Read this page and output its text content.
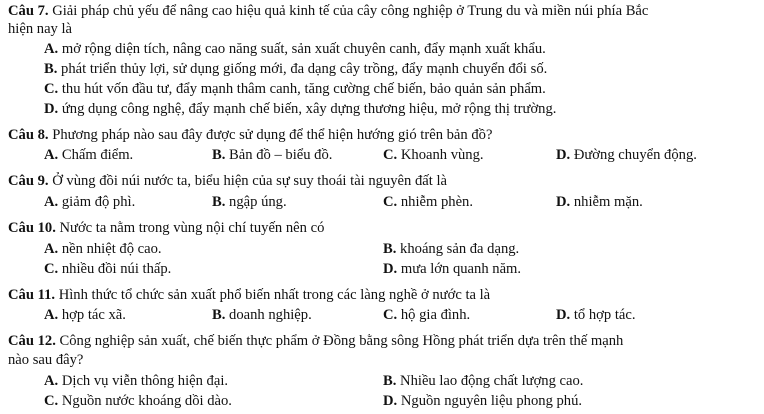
Câu 7. Giải pháp chủ yếu để nâng cao hiệu quả kinh tế của cây công nghiệp ở Trung du và miền núi phía Bắc
hiện nay là
A. mở rộng diện tích, nâng cao năng suất, sản xuất chuyên canh, đẩy mạnh xuất khẩu.
B. phát triển thủy lợi, sử dụng giống mới, đa dạng cây trồng, đẩy mạnh chuyển đổi số.
C. thu hút vốn đầu tư, đẩy mạnh thâm canh, tăng cường chế biến, bảo quản sản phẩm.
D. ứng dụng công nghệ, đẩy mạnh chế biến, xây dựng thương hiệu, mở rộng thị trường.
Câu 8. Phương pháp nào sau đây được sử dụng để thể hiện hướng gió trên bản đồ?
A. Chấm điểm.	B. Bản đồ – biểu đồ.	C. Khoanh vùng.	D. Đường chuyển động.
Câu 9. Ở vùng đồi núi nước ta, biểu hiện của sự suy thoái tài nguyên đất là
A. giảm độ phì.	B. ngập úng.	C. nhiễm phèn.	D. nhiễm mặn.
Câu 10. Nước ta nằm trong vùng nội chí tuyến nên có
A. nền nhiệt độ cao.	B. khoáng sản đa dạng.
C. nhiều đồi núi thấp.	D. mưa lớn quanh năm.
Câu 11. Hình thức tổ chức sản xuất phổ biến nhất trong các làng nghề ở nước ta là
A. hợp tác xã.	B. doanh nghiệp.	C. hộ gia đình.	D. tổ hợp tác.
Câu 12. Công nghiệp sản xuất, chế biến thực phẩm ở Đồng bằng sông Hồng phát triển dựa trên thế mạnh
nào sau đây?
A. Dịch vụ viễn thông hiện đại.	B. Nhiều lao động chất lượng cao.
C. Nguồn nước khoáng dồi dào.	D. Nguồn nguyên liệu phong phú.
